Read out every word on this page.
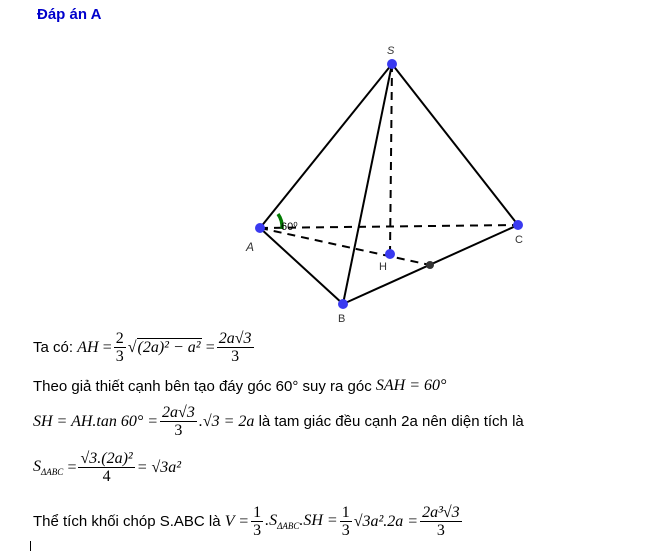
Đáp án A
60⁰
S
A
B
C
H
Ta có:
AH
= $\frac{2}{3}$ √ (2a)² − a²
= $\frac{2a√3}{3}$
Theo giả thiết cạnh bên tạo đáy góc 60° suy ra góc
SAH = 60°
SH = AH.tan $60^\circ = \frac{2a√3}{3} .√3 = 2a$
là tam giác đều cạnh 2a nên diện tích là
$S_{\Delta ABC}$
= $\frac{\text{√3.(2a)²}}{4} = √3a^2$
Thể tích khối chóp S.ABC là
$V = \frac{1}{3} .S_{\Delta ABC}.SH = \frac{1}{3} √3a^2.2a = \frac{\text{2a³√3}}{3}$
